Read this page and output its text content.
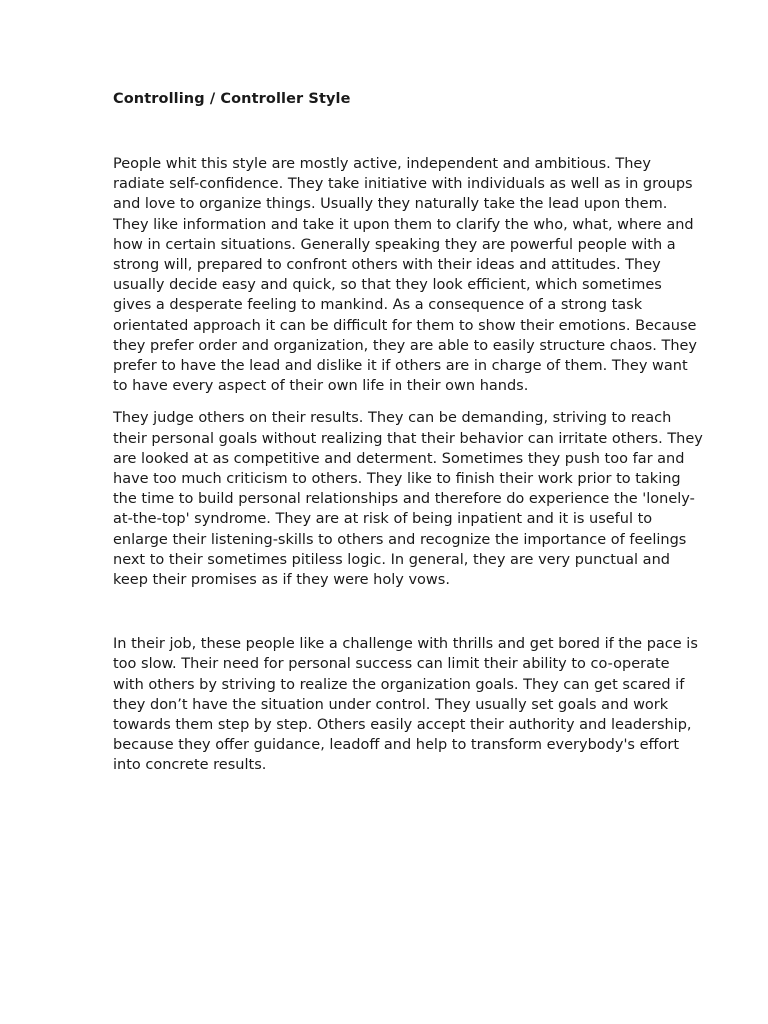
Controlling / Controller Style

People whit this style are mostly active, independent and ambitious. They radiate self-confidence. They take initiative with individuals as well as in groups and love to organize things. Usually they naturally take the lead upon them. They like information and take it upon them to clarify the who, what, where and how in certain situations. Generally speaking they are powerful people with a strong will, prepared to confront others with their ideas and attitudes. They usually decide easy and quick, so that they look efficient, which sometimes gives a desperate feeling to mankind. As a consequence of a strong task orientated approach it can be difficult for them to show their emotions. Because they prefer order and organization, they are able to easily structure chaos. They prefer to have the lead and dislike it if others are in charge of them. They want to have every aspect of their own life in their own hands.

They judge others on their results. They can be demanding, striving to reach their personal goals without realizing that their behavior can irritate others. They are looked at as competitive and determent. Sometimes they push too far and have too much criticism to others. They like to finish their work prior to taking the time to build personal relationships and therefore do experience the 'lonely-at-the-top' syndrome. They are at risk of being inpatient and it is useful to enlarge their listening-skills to others and recognize the importance of feelings next to their sometimes pitiless logic. In general, they are very punctual and keep their promises as if they were holy vows.

In their job, these people like a challenge with thrills and get bored if the pace is too slow. Their need for personal success can limit their ability to co-operate with others by striving to realize the organization goals. They can get scared if they don’t have the situation under control. They usually set goals and work towards them step by step. Others easily accept their authority and leadership, because they offer guidance, leadoff and help to transform everybody's effort into concrete results.
